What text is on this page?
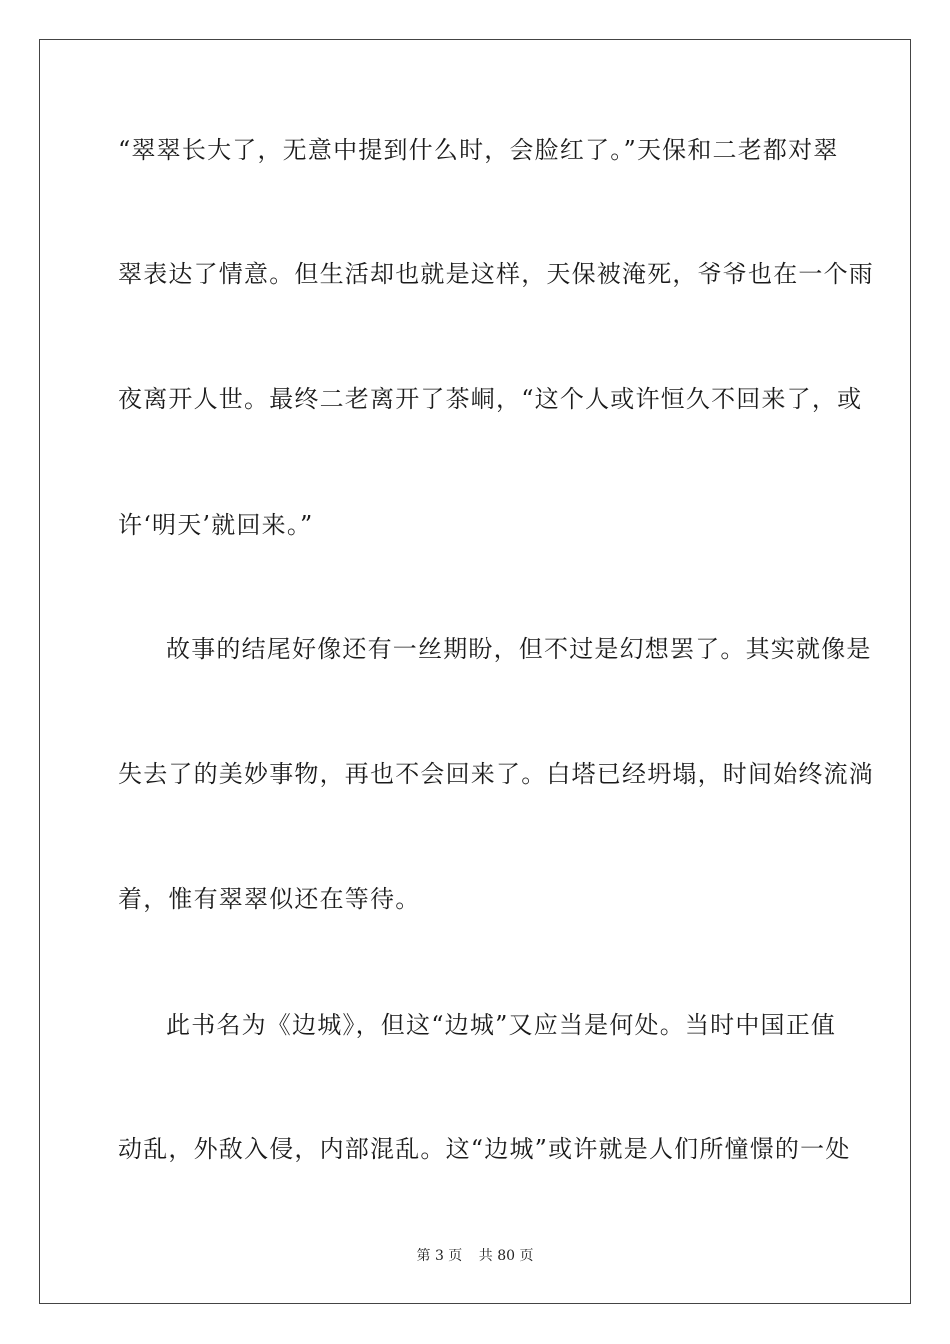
“翠翠长大了，无意中提到什么时，会脸红了。”天保和二老都对翠
翠表达了情意。但生活却也就是这样，天保被淹死，爷爷也在一个雨
夜离开人世。最终二老离开了茶峒，“这个人或许恒久不回来了，或
许‘明天’就回来。”
故事的结尾好像还有一丝期盼，但不过是幻想罢了。其实就像是
失去了的美妙事物，再也不会回来了。白塔已经坍塌，时间始终流淌
着，惟有翠翠似还在等待。
此书名为《边城》，但这“边城”又应当是何处。当时中国正值
动乱，外敌入侵，内部混乱。这“边城”或许就是人们所憧憬的一处
第 3 页 共 80 页
